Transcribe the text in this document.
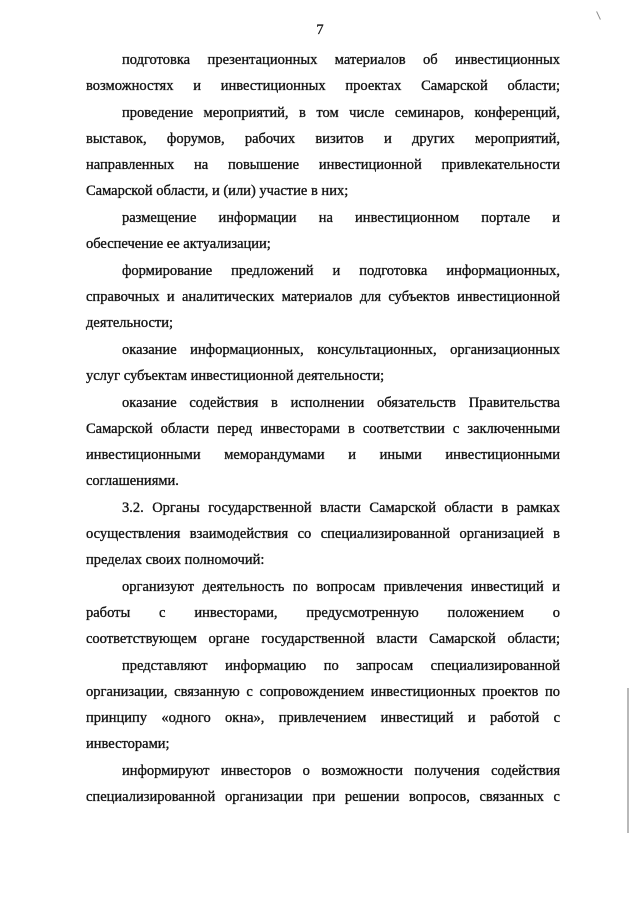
7
подготовка презентационных материалов об инвестиционных
возможностях и инвестиционных проектах Самарской области;
проведение мероприятий, в том числе семинаров, конференций,
выставок, форумов, рабочих визитов и других мероприятий,
направленных на повышение инвестиционной привлекательности
Самарской области, и (или) участие в них;
размещение информации на инвестиционном портале и
обеспечение ее актуализации;
формирование предложений и подготовка информационных,
справочных и аналитических материалов для субъектов инвестиционной
деятельности;
оказание информационных, консультационных, организационных
услуг субъектам инвестиционной деятельности;
оказание содействия в исполнении обязательств Правительства
Самарской области перед инвесторами в соответствии с заключенными
инвестиционными меморандумами и иными инвестиционными
соглашениями.
3.2. Органы государственной власти Самарской области в рамках
осуществления взаимодействия со специализированной организацией в
пределах своих полномочий:
организуют деятельность по вопросам привлечения инвестиций и
работы с инвесторами, предусмотренную положением о
соответствующем органе государственной власти Самарской области;
представляют информацию по запросам специализированной
организации, связанную с сопровождением инвестиционных проектов по
принципу «одного окна», привлечением инвестиций и работой с
инвесторами;
информируют инвесторов о возможности получения содействия
специализированной организации при решении вопросов, связанных с
